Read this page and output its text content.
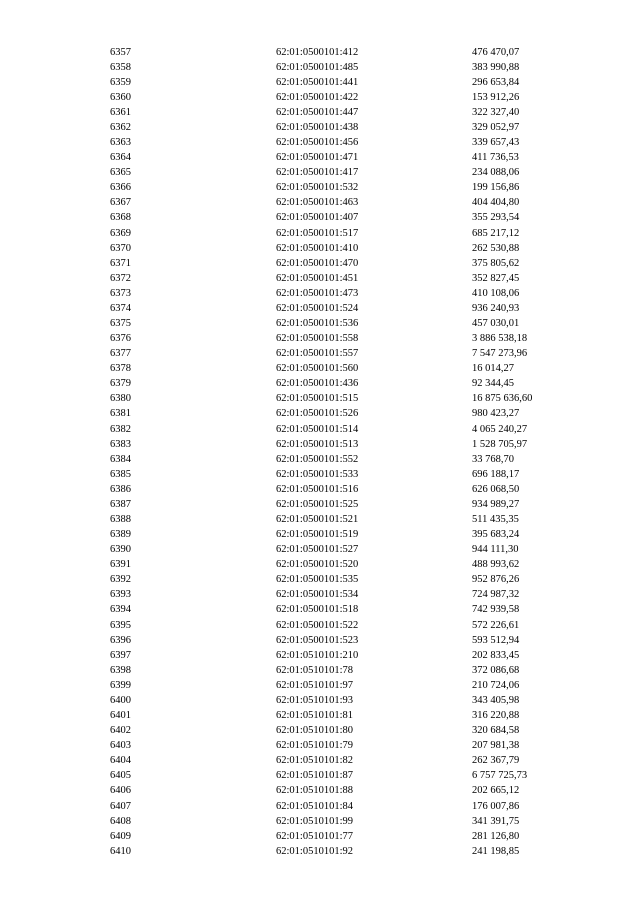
6357	62:01:0500101:412	476 470,07
6358	62:01:0500101:485	383 990,88
6359	62:01:0500101:441	296 653,84
6360	62:01:0500101:422	153 912,26
6361	62:01:0500101:447	322 327,40
6362	62:01:0500101:438	329 052,97
6363	62:01:0500101:456	339 657,43
6364	62:01:0500101:471	411 736,53
6365	62:01:0500101:417	234 088,06
6366	62:01:0500101:532	199 156,86
6367	62:01:0500101:463	404 404,80
6368	62:01:0500101:407	355 293,54
6369	62:01:0500101:517	685 217,12
6370	62:01:0500101:410	262 530,88
6371	62:01:0500101:470	375 805,62
6372	62:01:0500101:451	352 827,45
6373	62:01:0500101:473	410 108,06
6374	62:01:0500101:524	936 240,93
6375	62:01:0500101:536	457 030,01
6376	62:01:0500101:558	3 886 538,18
6377	62:01:0500101:557	7 547 273,96
6378	62:01:0500101:560	16 014,27
6379	62:01:0500101:436	92 344,45
6380	62:01:0500101:515	16 875 636,60
6381	62:01:0500101:526	980 423,27
6382	62:01:0500101:514	4 065 240,27
6383	62:01:0500101:513	1 528 705,97
6384	62:01:0500101:552	33 768,70
6385	62:01:0500101:533	696 188,17
6386	62:01:0500101:516	626 068,50
6387	62:01:0500101:525	934 989,27
6388	62:01:0500101:521	511 435,35
6389	62:01:0500101:519	395 683,24
6390	62:01:0500101:527	944 111,30
6391	62:01:0500101:520	488 993,62
6392	62:01:0500101:535	952 876,26
6393	62:01:0500101:534	724 987,32
6394	62:01:0500101:518	742 939,58
6395	62:01:0500101:522	572 226,61
6396	62:01:0500101:523	593 512,94
6397	62:01:0510101:210	202 833,45
6398	62:01:0510101:78	372 086,68
6399	62:01:0510101:97	210 724,06
6400	62:01:0510101:93	343 405,98
6401	62:01:0510101:81	316 220,88
6402	62:01:0510101:80	320 684,58
6403	62:01:0510101:79	207 981,38
6404	62:01:0510101:82	262 367,79
6405	62:01:0510101:87	6 757 725,73
6406	62:01:0510101:88	202 665,12
6407	62:01:0510101:84	176 007,86
6408	62:01:0510101:99	341 391,75
6409	62:01:0510101:77	281 126,80
6410	62:01:0510101:92	241 198,85
